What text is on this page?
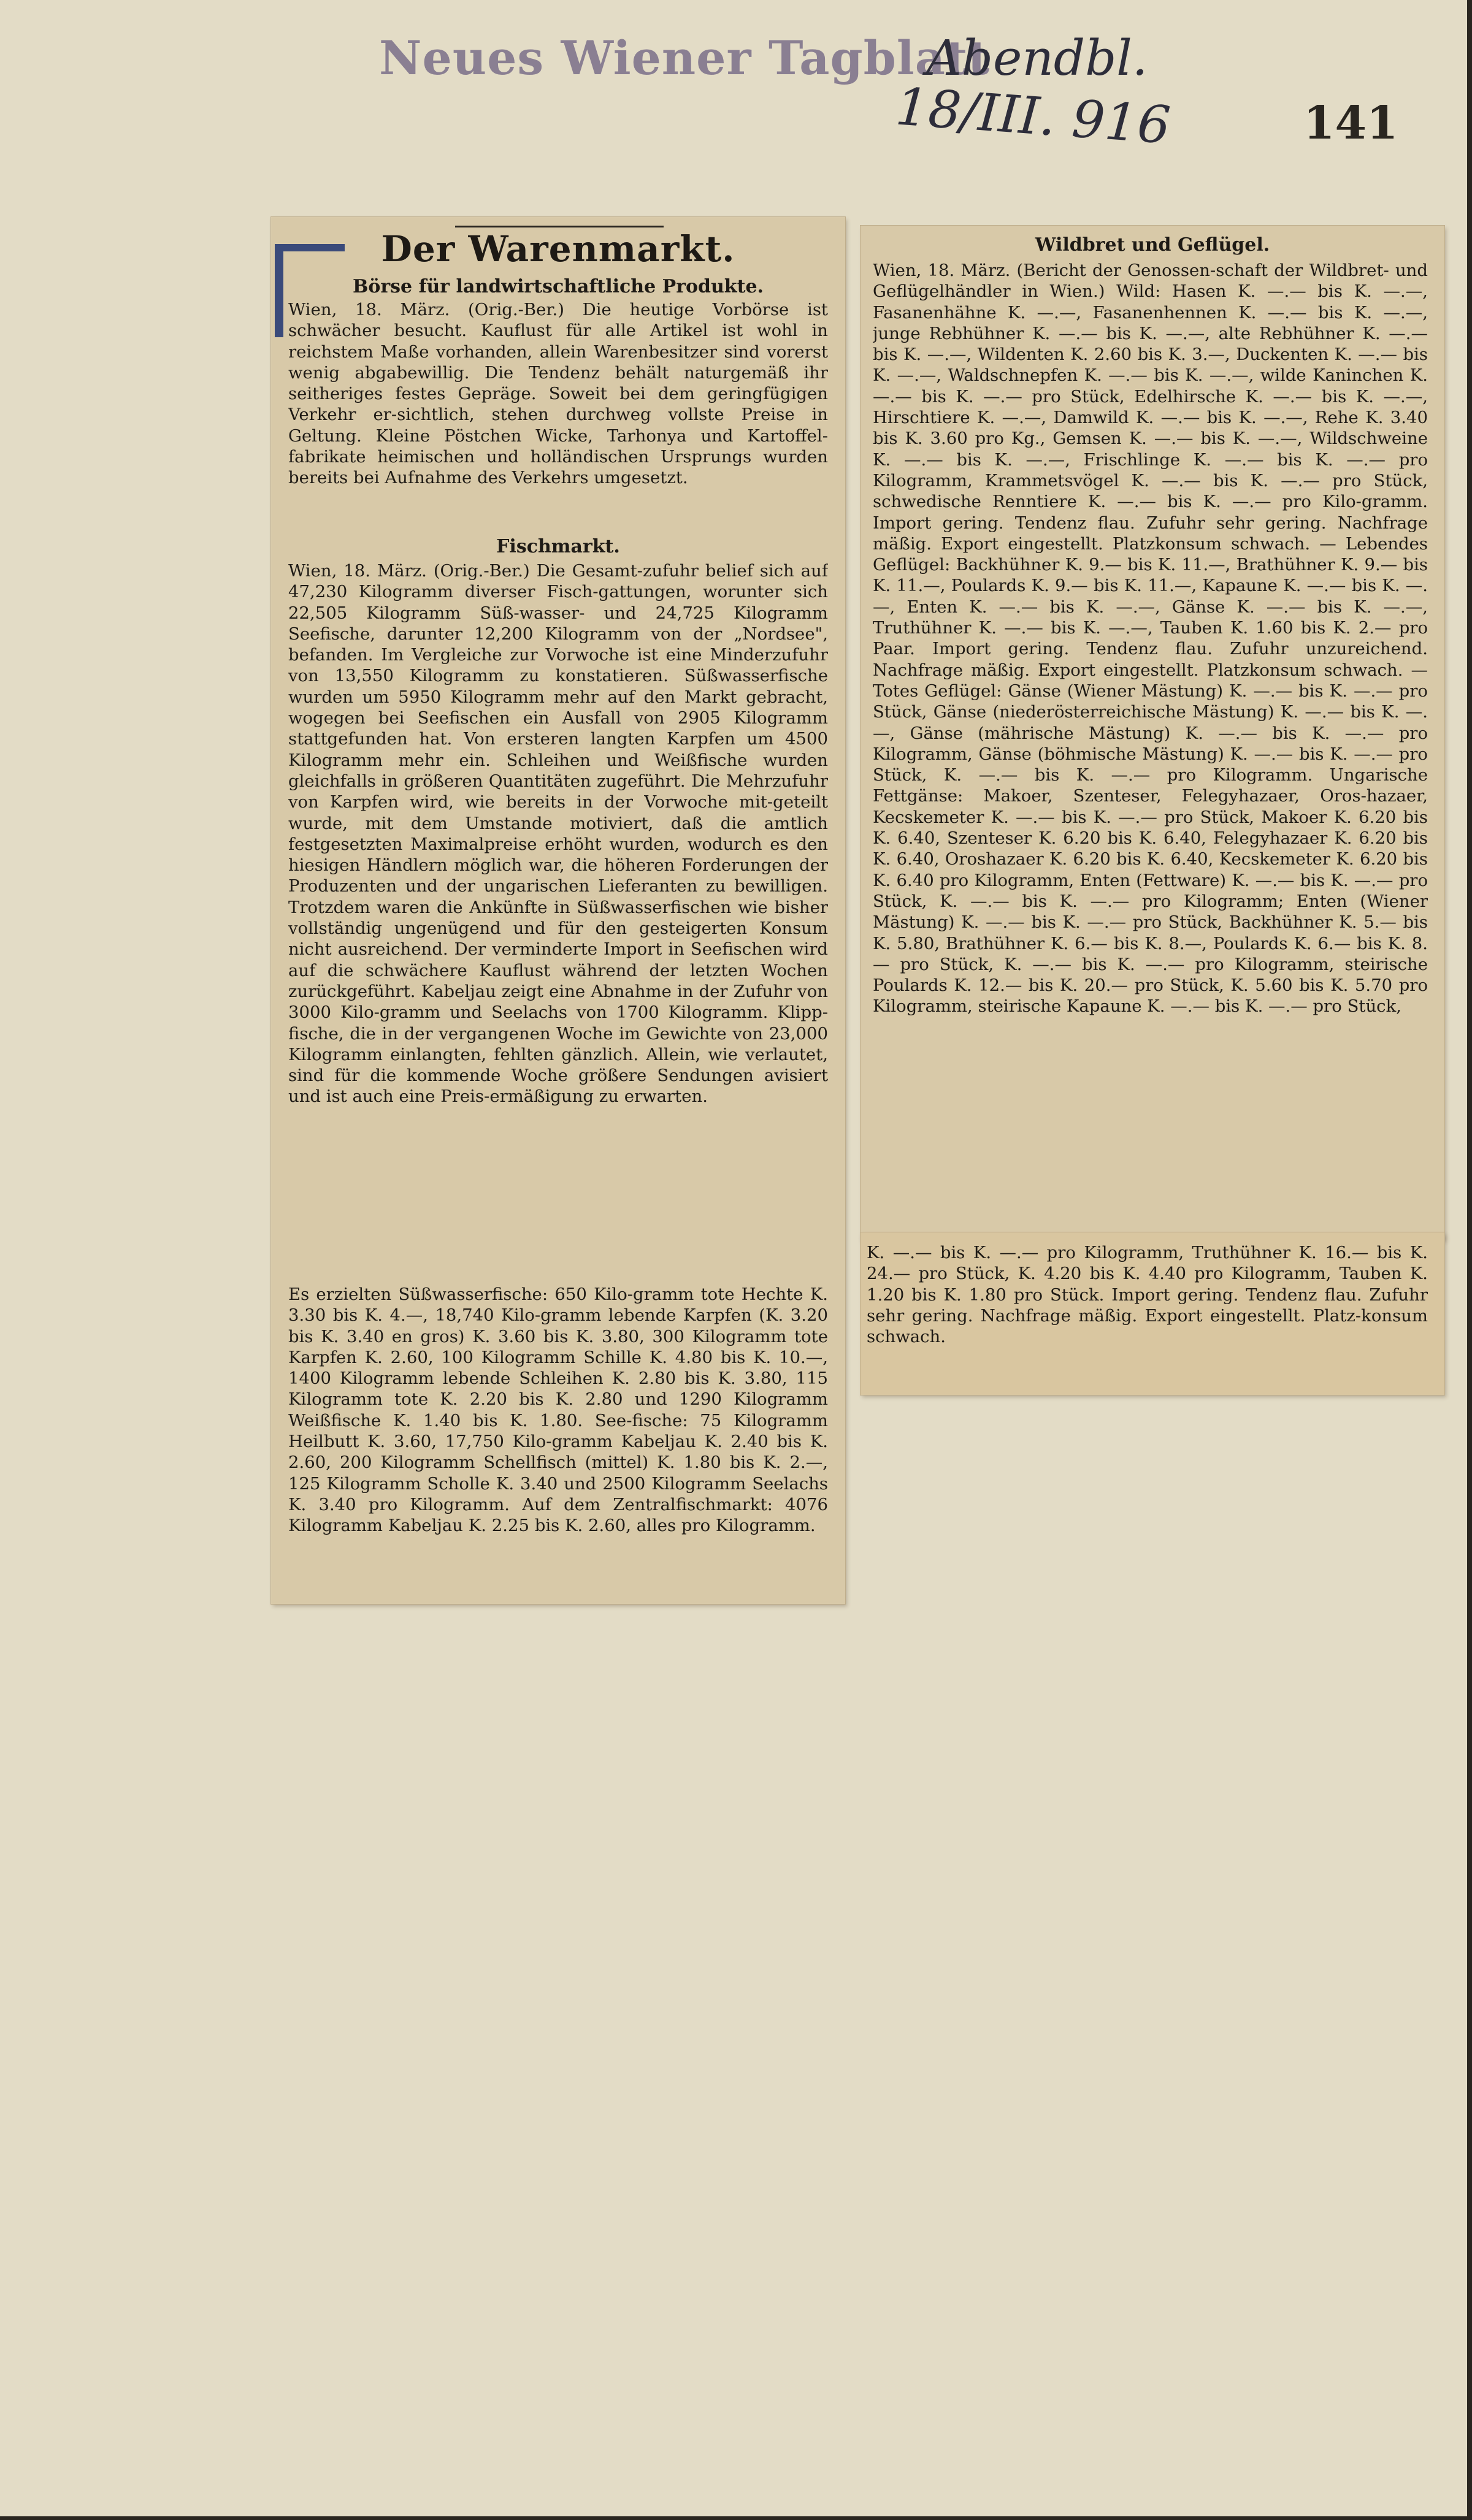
Neues Wiener Tagblatt
Abendbl.
18/III. 916	141
Der Warenmarkt.
Börse für landwirtschaftliche Produkte.
Wien, 18. März. (Orig.-Ber.) Die heutige Vorbörse ist schwächer besucht. Kauflust für alle Artikel ist wohl in reichstem Maße vorhanden, allein Warenbesitzer sind vorerst wenig abgabewillig. Die Tendenz behält naturgemäß ihr seitheriges festes Gepräge. Soweit bei dem geringfügigen Verkehr er-sichtlich, stehen durchweg vollste Preise in Geltung. Kleine Pöstchen Wicke, Tarhonya und Kartoffel-fabrikate heimischen und holländischen Ursprungs wurden bereits bei Aufnahme des Verkehrs umgesetzt.
Fischmarkt.
Wien, 18. März. (Orig.-Ber.) Die Gesamt-zufuhr belief sich auf 47,230 Kilogramm diverser Fisch-gattungen, worunter sich 22,505 Kilogramm Süß-wasser- und 24,725 Kilogramm Seefische, darunter 12,200 Kilogramm von der „Nordsee", befanden. Im Vergleiche zur Vorwoche ist eine Minderzufuhr von 13,550 Kilogramm zu konstatieren. Süßwasserfische wurden um 5950 Kilogramm mehr auf den Markt gebracht, wogegen bei Seefischen ein Ausfall von 2905 Kilogramm stattgefunden hat. Von ersteren langten Karpfen um 4500 Kilogramm mehr ein. Schleihen und Weißfische wurden gleichfalls in größeren Quantitäten zugeführt. Die Mehrzufuhr von Karpfen wird, wie bereits in der Vorwoche mit-geteilt wurde, mit dem Umstande motiviert, daß die amtlich festgesetzten Maximalpreise erhöht wurden, wodurch es den hiesigen Händlern möglich war, die höheren Forderungen der Produzenten und der ungarischen Lieferanten zu bewilligen. Trotzdem waren die Ankünfte in Süßwasserfischen wie bisher vollständig ungenügend und für den gesteigerten Konsum nicht ausreichend. Der verminderte Import in Seefischen wird auf die schwächere Kauflust während der letzten Wochen zurückgeführt. Kabeljau zeigt eine Abnahme in der Zufuhr von 3000 Kilo-gramm und Seelachs von 1700 Kilogramm. Klipp-fische, die in der vergangenen Woche im Gewichte von 23,000 Kilogramm einlangten, fehlten gänzlich. Allein, wie verlautet, sind für die kommende Woche größere Sendungen avisiert und ist auch eine Preis-ermäßigung zu erwarten.
Es erzielten Süßwasserfische: 650 Kilo-gramm tote Hechte K. 3.30 bis K. 4.—, 18,740 Kilo-gramm lebende Karpfen (K. 3.20 bis K. 3.40 en gros) K. 3.60 bis K. 3.80, 300 Kilogramm tote Karpfen K. 2.60, 100 Kilogramm Schille K. 4.80 bis K. 10.—, 1400 Kilogramm lebende Schleihen K. 2.80 bis K. 3.80, 115 Kilogramm tote K. 2.20 bis K. 2.80 und 1290 Kilogramm Weißfische K. 1.40 bis K. 1.80. See-fische: 75 Kilogramm Heilbutt K. 3.60, 17,750 Kilo-gramm Kabeljau K. 2.40 bis K. 2.60, 200 Kilogramm Schellfisch (mittel) K. 1.80 bis K. 2.—, 125 Kilogramm Scholle K. 3.40 und 2500 Kilogramm Seelachs K. 3.40 pro Kilogramm. Auf dem Zentralfischmarkt: 4076 Kilogramm Kabeljau K. 2.25 bis K. 2.60, alles pro Kilogramm.
Wildbret und Geflügel.
Wien, 18. März. (Bericht der Genossen-schaft der Wildbret- und Geflügelhändler in Wien.) Wild: Hasen K. —.— bis K. —.—, Fasanenhähne K. —.—, Fasanenhennen K. —.— bis K. —.—, junge Rebhühner K. —.— bis K. —.—, alte Rebhühner K. —.— bis K. —.—, Wildenten K. 2.60 bis K. 3.—, Duckenten K. —.— bis K. —.—, Waldschnepfen K. —.— bis K. —.—, wilde Kaninchen K. —.— bis K. —.— pro Stück, Edelhirsche K. —.— bis K. —.—, Hirschtiere K. —.—, Damwild K. —.— bis K. —.—, Rehe K. 3.40 bis K. 3.60 pro Kg., Gemsen K. —.— bis K. —.—, Wildschweine K. —.— bis K. —.—, Frischlinge K. —.— bis K. —.— pro Kilogramm, Krammetsvögel K. —.— bis K. —.— pro Stück, schwedische Renntiere K. —.— bis K. —.— pro Kilo-gramm. Import gering. Tendenz flau. Zufuhr sehr gering. Nachfrage mäßig. Export eingestellt. Platzkonsum schwach. — Lebendes Geflügel: Backhühner K. 9.— bis K. 11.—, Brathühner K. 9.— bis K. 11.—, Poulards K. 9.— bis K. 11.—, Kapaune K. —.— bis K. —.—, Enten K. —.— bis K. —.—, Gänse K. —.— bis K. —.—, Truthühner K. —.— bis K. —.—, Tauben K. 1.60 bis K. 2.— pro Paar. Import gering. Tendenz flau. Zufuhr unzureichend. Nachfrage mäßig. Export eingestellt. Platzkonsum schwach. — Totes Geflügel: Gänse (Wiener Mästung) K. —.— bis K. —.— pro Stück, Gänse (niederösterreichische Mästung) K. —.— bis K. —.—, Gänse (mährische Mästung) K. —.— bis K. —.— pro Kilogramm, Gänse (böhmische Mästung) K. —.— bis K. —.— pro Stück, K. —.— bis K. —.— pro Kilogramm. Ungarische Fettgänse: Makoer, Szenteser, Felegyhazaer, Oros-hazaer, Kecskemeter K. —.— bis K. —.— pro Stück, Makoer K. 6.20 bis K. 6.40, Szenteser K. 6.20 bis K. 6.40, Felegyhazaer K. 6.20 bis K. 6.40, Oroshazaer K. 6.20 bis K. 6.40, Kecskemeter K. 6.20 bis K. 6.40 pro Kilogramm, Enten (Fettware) K. —.— bis K. —.— pro Stück, K. —.— bis K. —.— pro Kilogramm; Enten (Wiener Mästung) K. —.— bis K. —.— pro Stück, Backhühner K. 5.— bis K. 5.80, Brathühner K. 6.— bis K. 8.—, Poulards K. 6.— bis K. 8.— pro Stück, K. —.— bis K. —.— pro Kilogramm, steirische Poulards K. 12.— bis K. 20.— pro Stück, K. 5.60 bis K. 5.70 pro Kilogramm, steirische Kapaune K. —.— bis K. —.— pro Stück,
K. —.— bis K. —.— pro Kilogramm, Truthühner K. 16.— bis K. 24.— pro Stück, K. 4.20 bis K. 4.40 pro Kilogramm, Tauben K. 1.20 bis K. 1.80 pro Stück. Import gering. Tendenz flau. Zufuhr sehr gering. Nachfrage mäßig. Export eingestellt. Platz-konsum schwach.
